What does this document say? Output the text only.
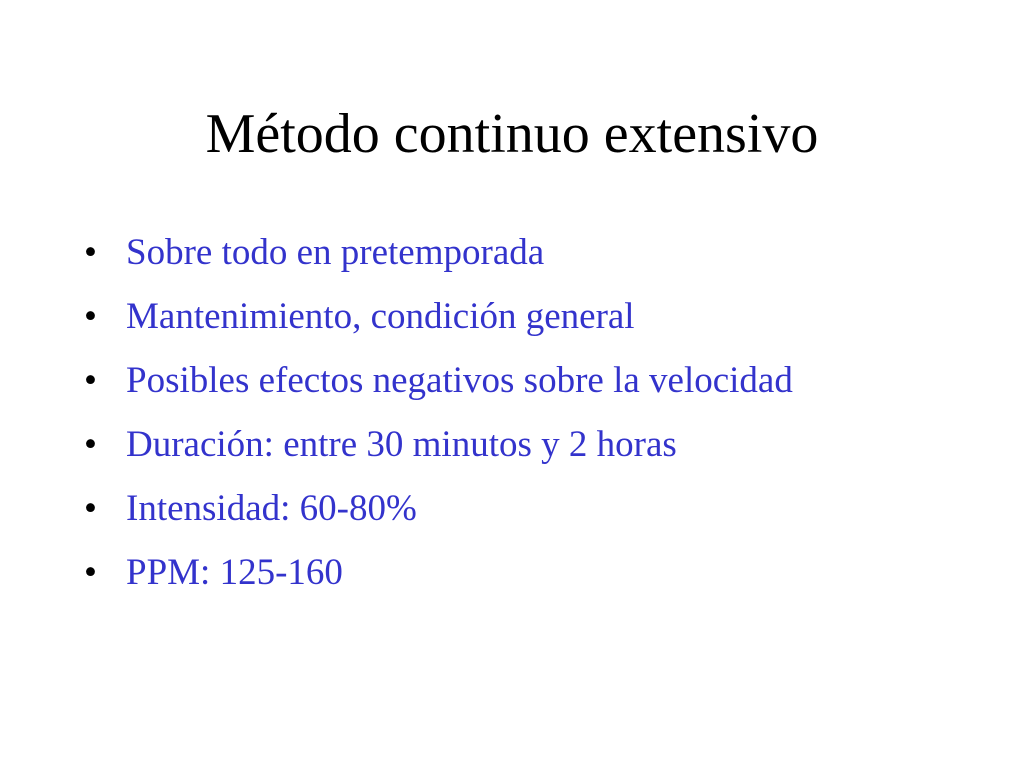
Método continuo extensivo
• Sobre todo en pretemporada
• Mantenimiento, condición general
• Posibles efectos negativos sobre la velocidad
• Duración: entre 30 minutos y 2 horas
• Intensidad: 60-80%
• PPM: 125-160
